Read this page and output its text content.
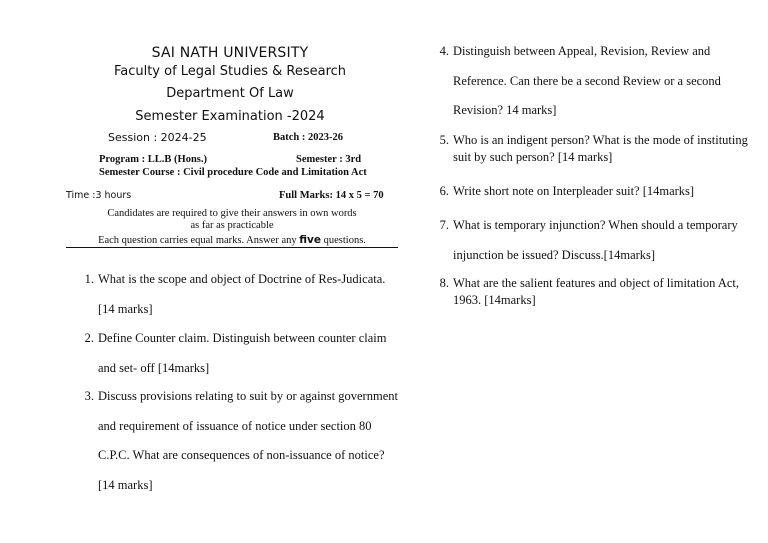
SAI NATH UNIVERSITY
Faculty of Legal Studies & Research
Department Of Law
Semester Examination -2024
Session : 2024-25	Batch : 2023-26
Program : LL.B (Hons.)	Semester : 3rd
Semester Course : Civil procedure Code and Limitation Act
Time :3 hours	Full Marks: 14 x 5 = 70
Candidates are required to give their answers in own words
as far as practicable
Each question carries equal marks. Answer any five questions.
1. What is the scope and object of Doctrine of Res-Judicata. [14 marks]
2. Define Counter claim. Distinguish between counter claim and set- off [14marks]
3. Discuss provisions relating to suit by or against government and requirement of issuance of notice under section 80 C.P.C. What are consequences of non-issuance of notice? [14 marks]
4. Distinguish between Appeal, Revision, Review and Reference. Can there be a second Review or a second Revision? 14 marks]
5. Who is an indigent person? What is the mode of instituting suit by such person? [14 marks]
6. Write short note on Interpleader suit? [14marks]
7. What is temporary injunction? When should a temporary injunction be issued? Discuss.[14marks]
8. What are the salient features and object of limitation Act, 1963. [14marks]
